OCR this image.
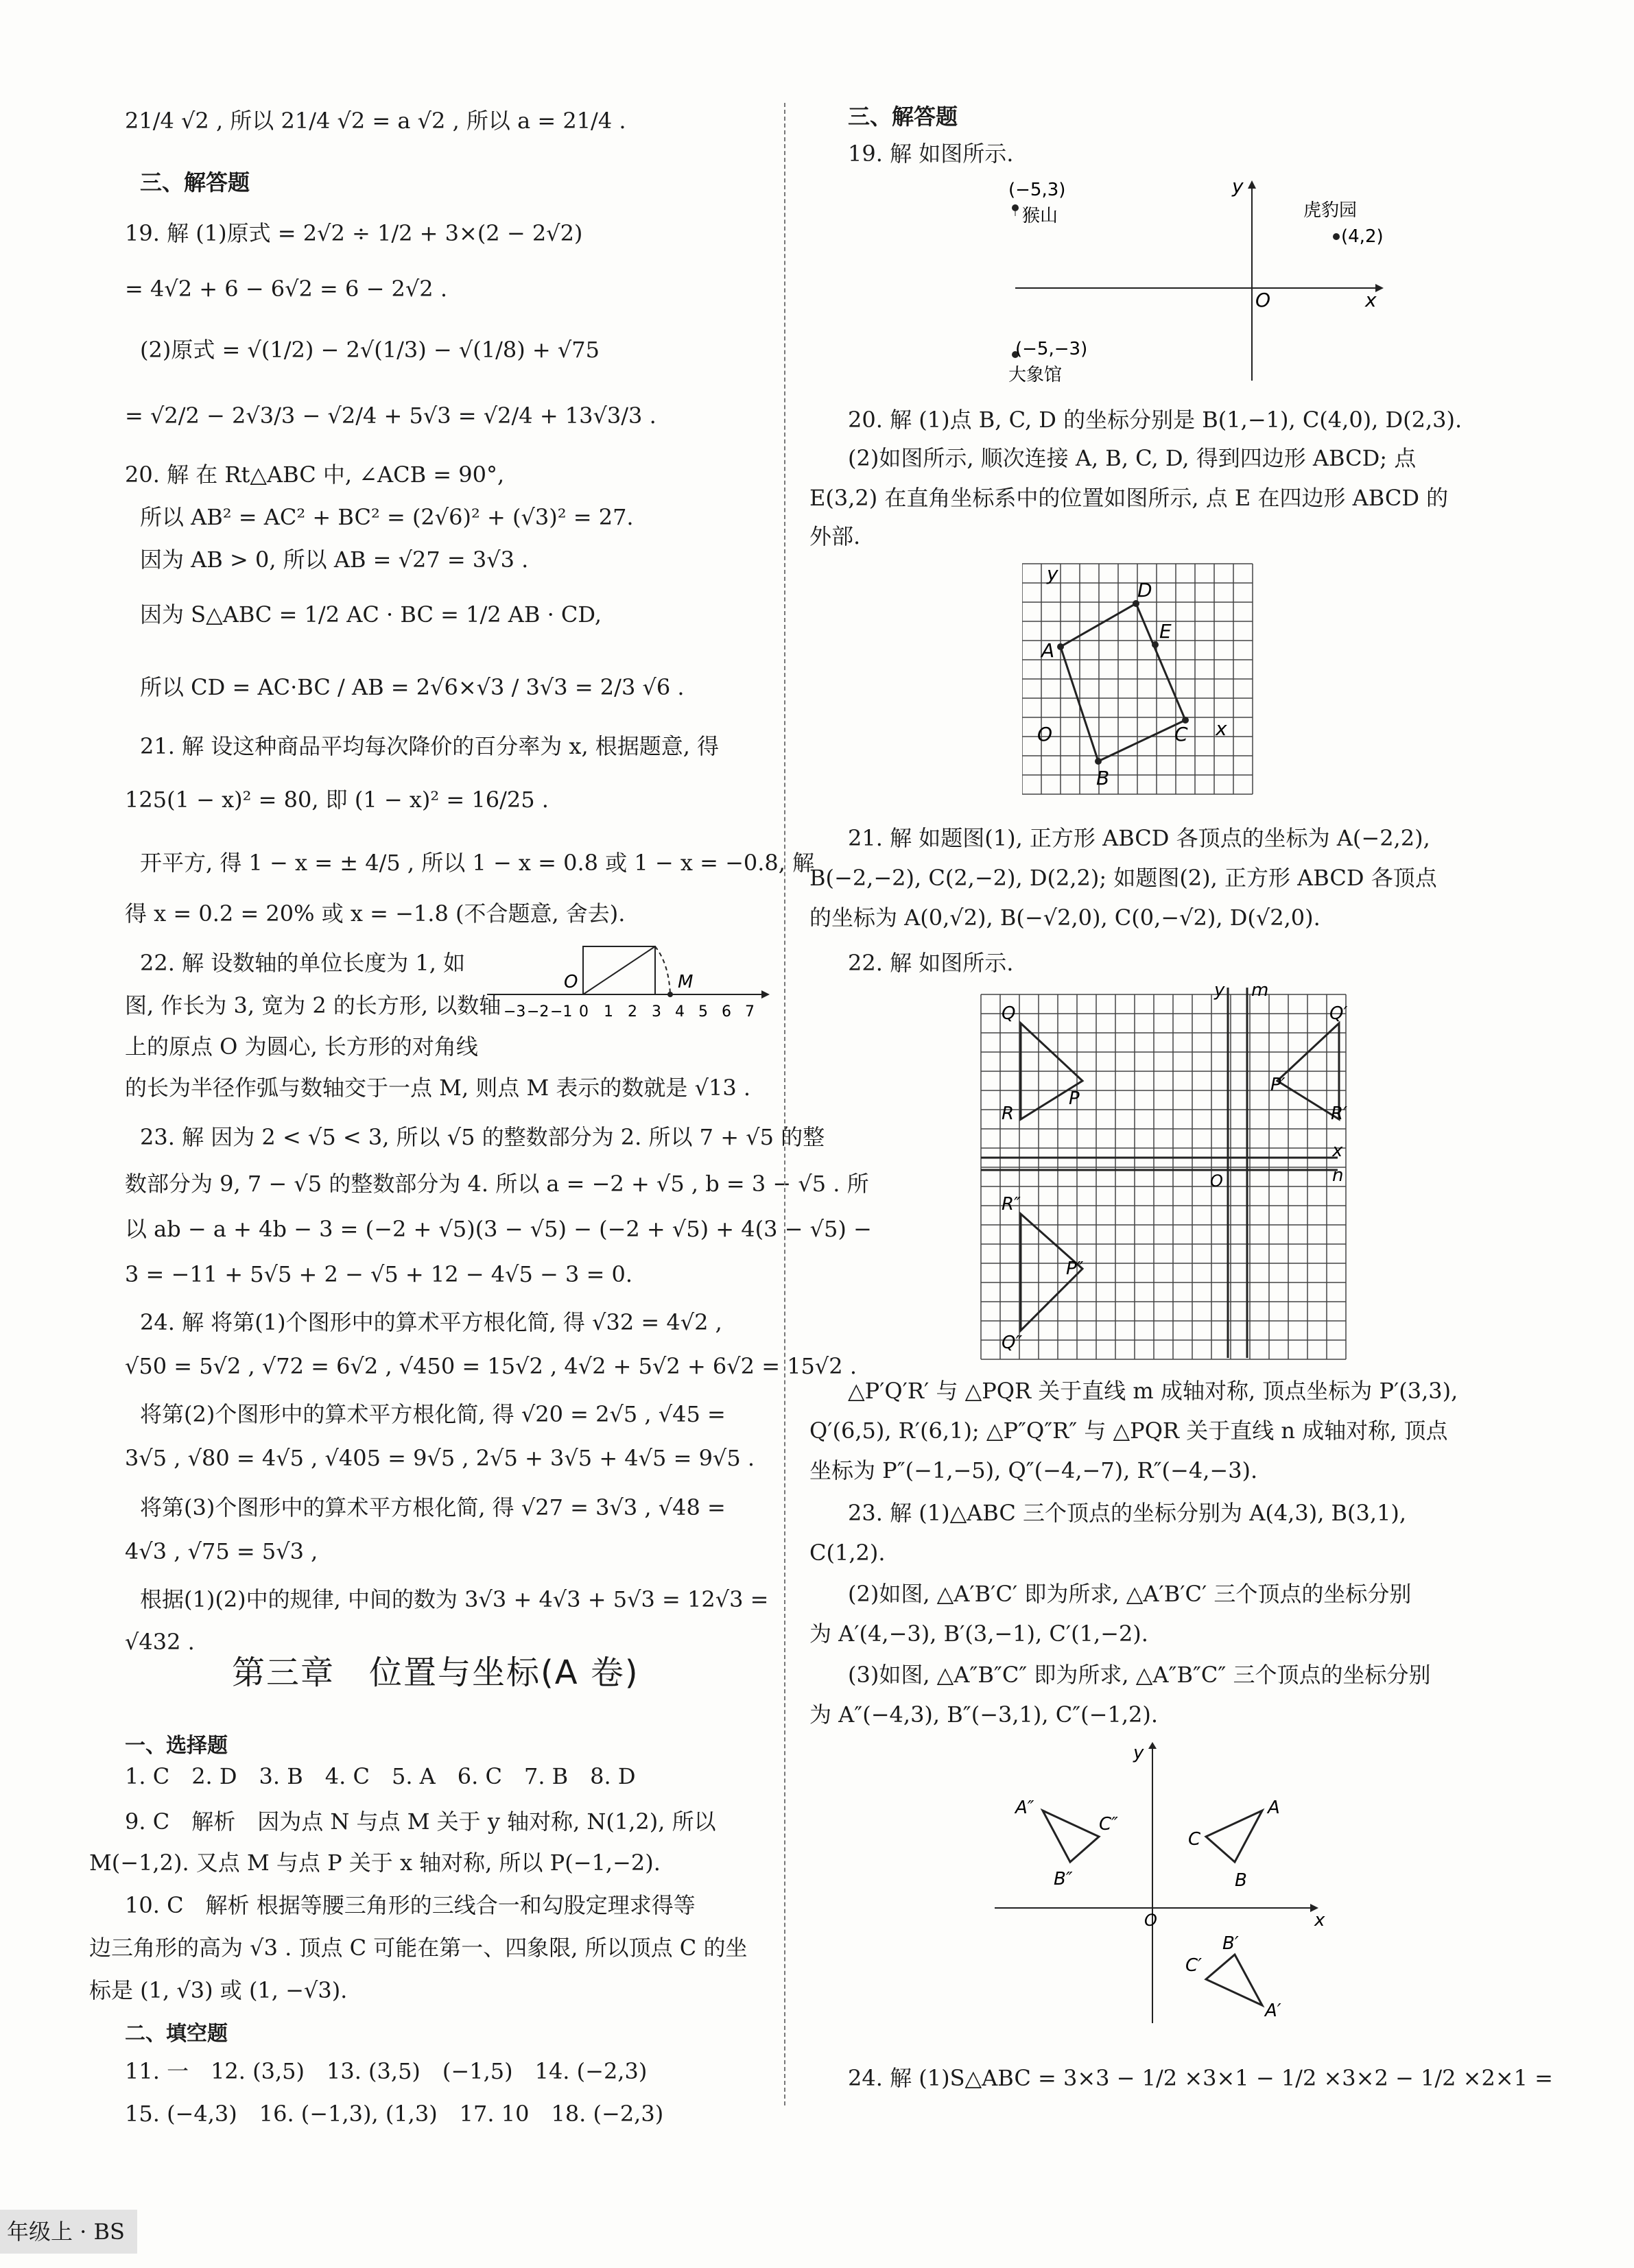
21/4 √2 , 所以 21/4 √2 = a √2 , 所以 a = 21/4 .
三、解答题
19. 解 (1)原式 = 2√2 ÷ 1/2 + 3×(2 − 2√2)
= 4√2 + 6 − 6√2 = 6 − 2√2 .
(2)原式 = √(1/2) − 2√(1/3) − √(1/8) + √75
= √2/2 − 2√3/3 − √2/4 + 5√3 = √2/4 + 13√3/3 .
20. 解 在 Rt△ABC 中, ∠ACB = 90°,
所以 AB² = AC² + BC² = (2√6)² + (√3)² = 27.
因为 AB > 0, 所以 AB = √27 = 3√3 .
因为 S△ABC = 1/2 AC · BC = 1/2 AB · CD,
所以 CD = AC·BC / AB = 2√6×√3 / 3√3 = 2/3 √6 .
21. 解 设这种商品平均每次降价的百分率为 x, 根据题意, 得
125(1 − x)² = 80, 即 (1 − x)² = 16/25 .
开平方, 得 1 − x = ± 4/5 , 所以 1 − x = 0.8 或 1 − x = −0.8, 解
得 x = 0.2 = 20% 或 x = −1.8 (不合题意, 舍去).
22. 解 设数轴的单位长度为 1, 如
图, 作长为 3, 宽为 2 的长方形, 以数轴
上的原点 O 为圆心, 长方形的对角线
的长为半径作弧与数轴交于一点 M, 则点 M 表示的数就是 √13 .
23. 解 因为 2 < √5 < 3, 所以 √5 的整数部分为 2. 所以 7 + √5 的整
数部分为 9, 7 − √5 的整数部分为 4. 所以 a = −2 + √5 , b = 3 − √5 . 所
以 ab − a + 4b − 3 = (−2 + √5)(3 − √5) − (−2 + √5) + 4(3 − √5) −
3 = −11 + 5√5 + 2 − √5 + 12 − 4√5 − 3 = 0.
24. 解 将第(1)个图形中的算术平方根化简, 得 √32 = 4√2 ,
√50 = 5√2 , √72 = 6√2 , √450 = 15√2 , 4√2 + 5√2 + 6√2 = 15√2 .
将第(2)个图形中的算术平方根化简, 得 √20 = 2√5 , √45 =
3√5 , √80 = 4√5 , √405 = 9√5 , 2√5 + 3√5 + 4√5 = 9√5 .
将第(3)个图形中的算术平方根化简, 得 √27 = 3√3 , √48 =
4√3 , √75 = 5√3 ,
根据(1)(2)中的规律, 中间的数为 3√3 + 4√3 + 5√3 = 12√3 =
√432 .
第三章　位置与坐标(A 卷)
一、选择题
1. C　2. D　3. B　4. C　5. A　6. C　7. B　8. D
9. C　解析　因为点 N 与点 M 关于 y 轴对称, N(1,2), 所以
M(−1,2). 又点 M 与点 P 关于 x 轴对称, 所以 P(−1,−2).
10. C　解析 根据等腰三角形的三线合一和勾股定理求得等
边三角形的高为 √3 . 顶点 C 可能在第一、四象限, 所以顶点 C 的坐
标是 (1, √3) 或 (1, −√3).
二、填空题
11. 一　12. (3,5)　13. (3,5)　(−1,5)　14. (−2,3)
15. (−4,3)　16. (−1,3), (1,3)　17. 10　18. (−2,3)
O	M
−3 −2 −1 0 1 2 3 4 5 6 7
三、解答题
19. 解 如图所示.
(−5,3)
猴山	虎豹园
(4,2)
(−5,−3)
大象馆
O	x
y
20. 解 (1)点 B, C, D 的坐标分别是 B(1,−1), C(4,0), D(2,3).
(2)如图所示, 顺次连接 A, B, C, D, 得到四边形 ABCD; 点
E(3,2) 在直角坐标系中的位置如图所示, 点 E 在四边形 ABCD 的
外部.
A
B
C
D
E
O	x
y
21. 解 如题图(1), 正方形 ABCD 各顶点的坐标为 A(−2,2),
B(−2,−2), C(2,−2), D(2,2); 如题图(2), 正方形 ABCD 各顶点
的坐标为 A(0,√2), B(−√2,0), C(0,−√2), D(√2,0).
22. 解 如图所示.
Q
P
R
Q′
P′
R′
Q″
P″
R″
m
n
x
y
O
△P′Q′R′ 与 △PQR 关于直线 m 成轴对称, 顶点坐标为 P′(3,3),
Q′(6,5), R′(6,1); △P″Q″R″ 与 △PQR 关于直线 n 成轴对称, 顶点
坐标为 P″(−1,−5), Q″(−4,−7), R″(−4,−3).
23. 解 (1)△ABC 三个顶点的坐标分别为 A(4,3), B(3,1),
C(1,2).
(2)如图, △A′B′C′ 即为所求, △A′B′C′ 三个顶点的坐标分别
为 A′(4,−3), B′(3,−1), C′(1,−2).
(3)如图, △A″B″C″ 即为所求, △A″B″C″ 三个顶点的坐标分别
为 A″(−4,3), B″(−3,1), C″(−1,2).
A
B
C
A′
B′
C′
A″
B″
C″
O	x
y
24. 解 (1)S△ABC = 3×3 − 1/2 ×3×1 − 1/2 ×3×2 − 1/2 ×2×1 =
年级上 · BS
